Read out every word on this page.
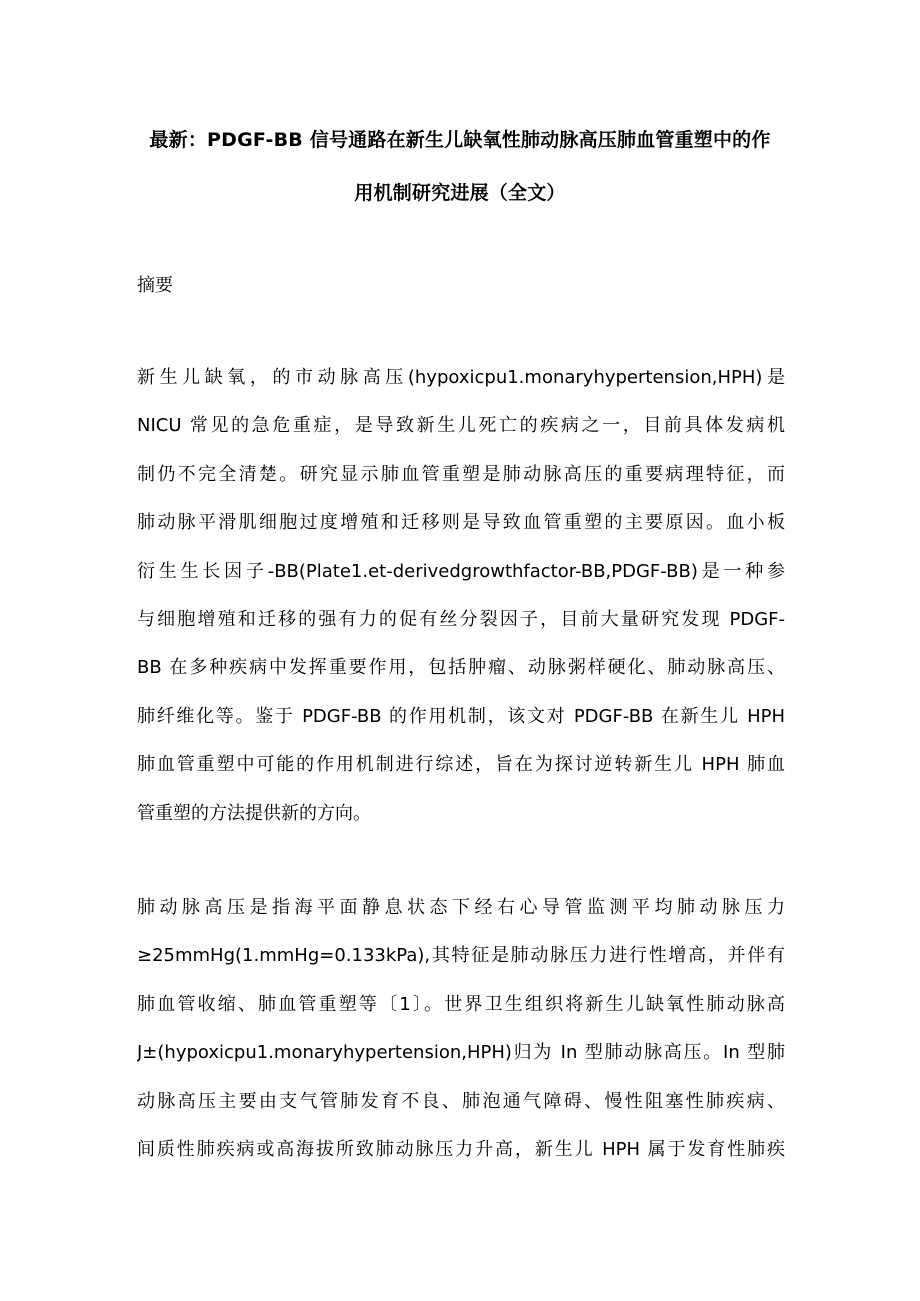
最新：PDGF-BB 信号通路在新生儿缺氧性肺动脉高压肺血管重塑中的作
用机制研究进展（全文）
摘要
新生儿缺氧，的市动脉高压(hypoxicpu1.monaryhypertension,HPH)是
NICU 常见的急危重症，是导致新生儿死亡的疾病之一，目前具体发病机
制仍不完全清楚。研究显示肺血管重塑是肺动脉高压的重要病理特征，而
肺动脉平滑肌细胞过度增殖和迁移则是导致血管重塑的主要原因。血小板
衍生生长因子-BB(Plate1.et-derivedgrowthfactor-BB,PDGF-BB)是一种参
与细胞增殖和迁移的强有力的促有丝分裂因子，目前大量研究发现 PDGF-
BB 在多种疾病中发挥重要作用，包括肿瘤、动脉粥样硬化、肺动脉高压、
肺纤维化等。鉴于 PDGF-BB 的作用机制，该文对 PDGF-BB 在新生儿 HPH
肺血管重塑中可能的作用机制进行综述，旨在为探讨逆转新生儿 HPH 肺血
管重塑的方法提供新的方向。
肺动脉高压是指海平面静息状态下经右心导管监测平均肺动脉压力
≥25mmHg(1.mmHg=0.133kPa),其特征是肺动脉压力进行性增高，并伴有
肺血管收缩、肺血管重塑等〔1〕。世界卫生组织将新生儿缺氧性肺动脉高
J±(hypoxicpu1.monaryhypertension,HPH)归为 In 型肺动脉高压。In 型肺
动脉高压主要由支气管肺发育不良、肺泡通气障碍、慢性阻塞性肺疾病、
间质性肺疾病或高海拔所致肺动脉压力升高，新生儿 HPH 属于发育性肺疾
